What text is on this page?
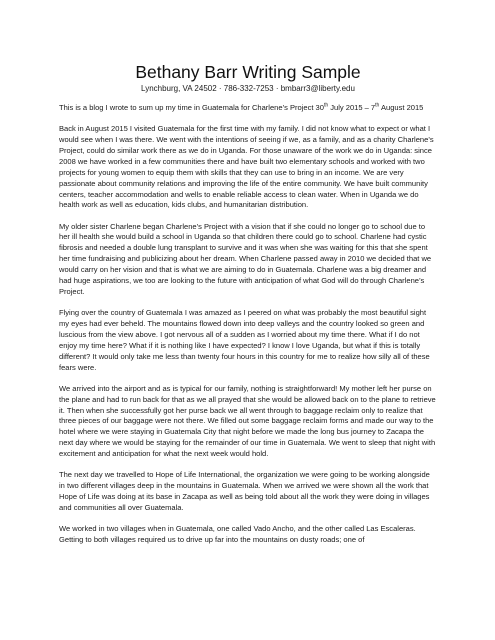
Bethany Barr Writing Sample

Lynchburg, VA 24502 · 786-332-7253 · bmbarr3@liberty.edu

This is a blog I wrote to sum up my time in Guatemala for Charlene’s Project 30th July 2015 – 7th August 2015

Back in August 2015 I visited Guatemala for the first time with my family. I did not know what to expect or what I would see when I was there. We went with the intentions of seeing if we, as a family, and as a charity Charlene’s Project, could do similar work there as we do in Uganda. For those unaware of the work we do in Uganda: since 2008 we have worked in a few communities there and have built two elementary schools and worked with two projects for young women to equip them with skills that they can use to bring in an income. We are very passionate about community relations and improving the life of the entire community. We have built community centers, teacher accommodation and wells to enable reliable access to clean water. When in Uganda we do health work as well as education, kids clubs, and humanitarian distribution.

My older sister Charlene began Charlene’s Project with a vision that if she could no longer go to school due to her ill health she would build a school in Uganda so that children there could go to school. Charlene had cystic fibrosis and needed a double lung transplant to survive and it was when she was waiting for this that she spent her time fundraising and publicizing about her dream. When Charlene passed away in 2010 we decided that we would carry on her vision and that is what we are aiming to do in Guatemala. Charlene was a big dreamer and had huge aspirations, we too are looking to the future with anticipation of what God will do through Charlene’s Project.

Flying over the country of Guatemala I was amazed as I peered on what was probably the most beautiful sight my eyes had ever beheld. The mountains flowed down into deep valleys and the country looked so green and luscious from the view above. I got nervous all of a sudden as I worried about my time there. What if I do not enjoy my time here? What if it is nothing like I have expected? I know I love Uganda, but what if this is totally different? It would only take me less than twenty four hours in this country for me to realize how silly all of these fears were.

We arrived into the airport and as is typical for our family, nothing is straightforward! My mother left her purse on the plane and had to run back for that as we all prayed that she would be allowed back on to the plane to retrieve it. Then when she successfully got her purse back we all went through to baggage reclaim only to realize that three pieces of our baggage were not there. We filled out some baggage reclaim forms and made our way to the hotel where we were staying in Guatemala City that night before we made the long bus journey to Zacapa the next day where we would be staying for the remainder of our time in Guatemala. We went to sleep that night with excitement and anticipation for what the next week would hold.

The next day we travelled to Hope of Life International, the organization we were going to be working alongside in two different villages deep in the mountains in Guatemala. When we arrived we were shown all the work that Hope of Life was doing at its base in Zacapa as well as being told about all the work they were doing in villages and communities all over Guatemala.

We worked in two villages when in Guatemala, one called Vado Ancho, and the other called Las Escaleras. Getting to both villages required us to drive up far into the mountains on dusty roads; one of
